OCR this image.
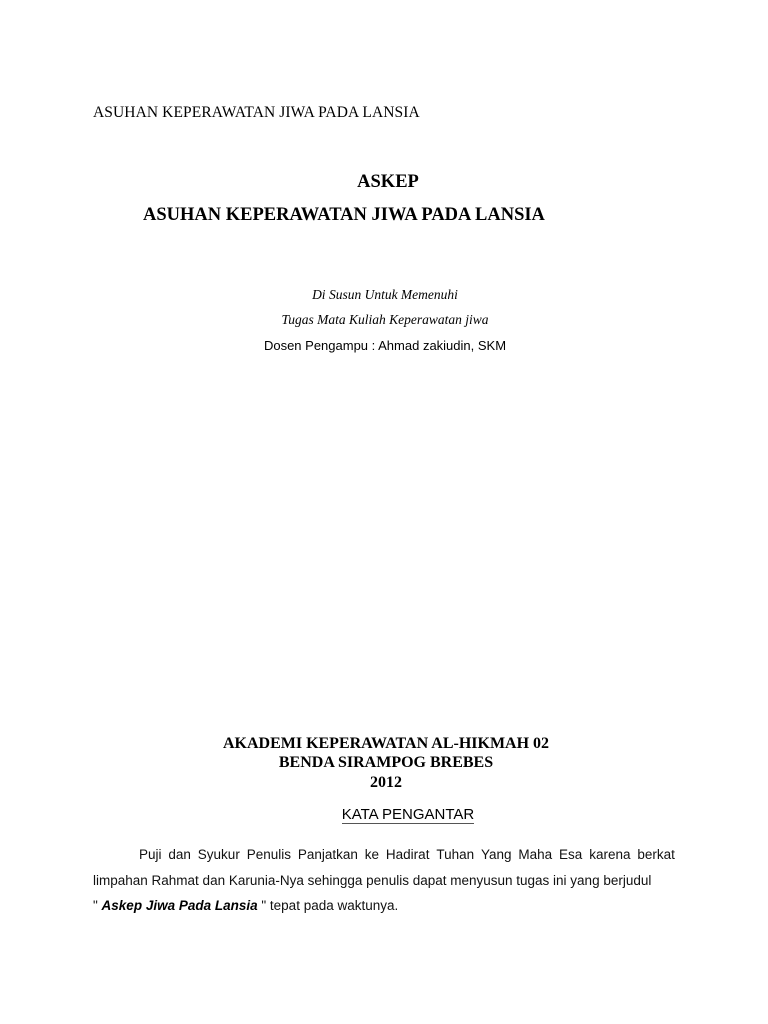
ASUHAN KEPERAWATAN JIWA PADA LANSIA
ASKEP
ASUHAN KEPERAWATAN JIWA PADA LANSIA
Di Susun Untuk Memenuhi
Tugas Mata Kuliah Keperawatan jiwa
Dosen Pengampu : Ahmad zakiudin, SKM
AKADEMI KEPERAWATAN AL-HIKMAH 02
BENDA SIRAMPOG BREBES
2012
KATA PENGANTAR
Puji dan Syukur Penulis Panjatkan ke Hadirat Tuhan Yang Maha Esa karena berkat
limpahan Rahmat dan Karunia-Nya sehingga penulis dapat menyusun tugas ini yang berjudul
" Askep Jiwa Pada Lansia " tepat pada waktunya.
